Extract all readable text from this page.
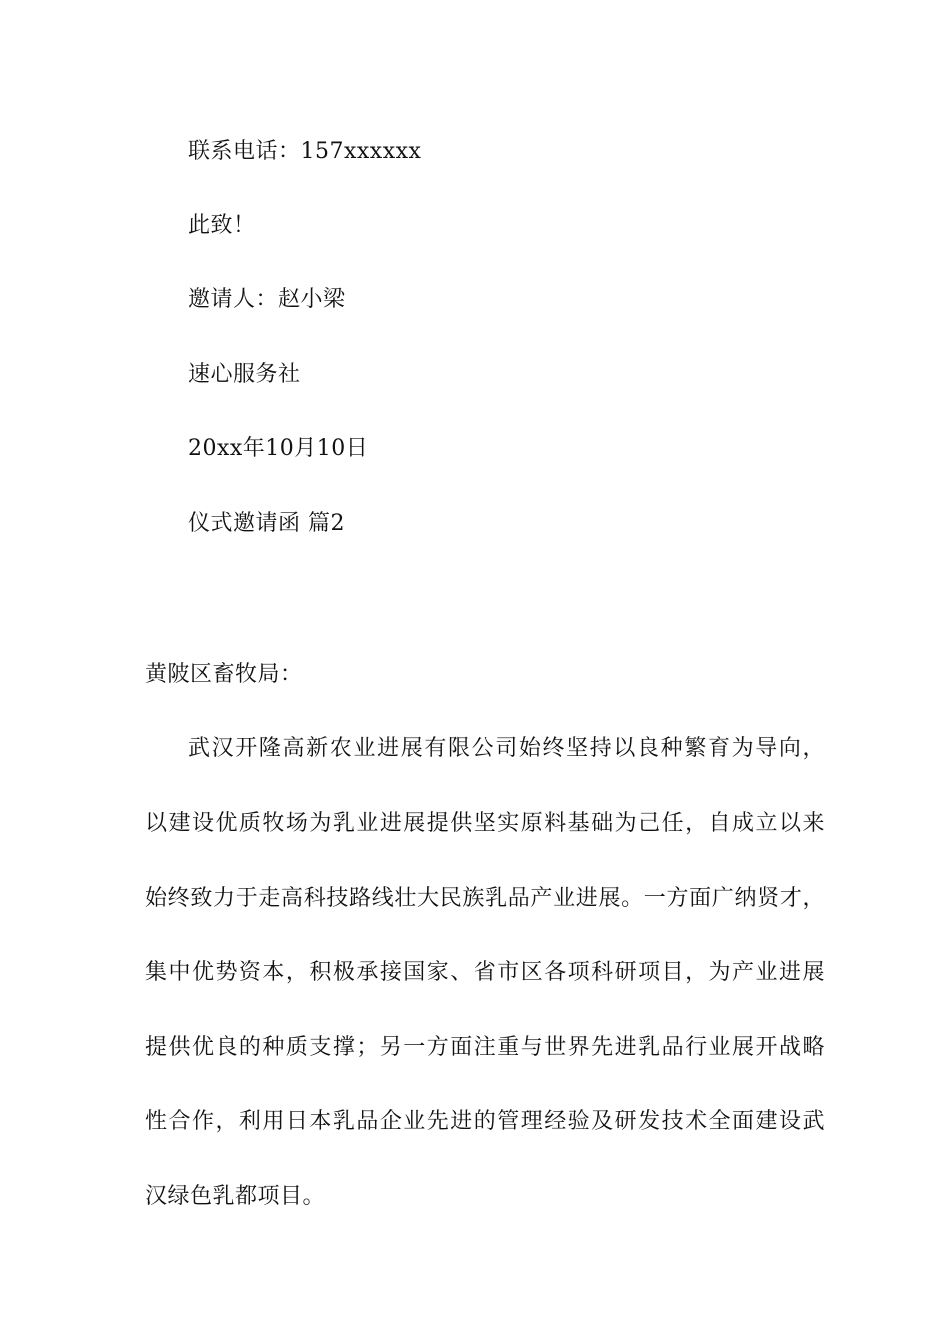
联系电话：157xxxxxx
此致！
邀请人：赵小梁
速心服务社
20xx年10月10日
仪式邀请函 篇2
黄陂区畜牧局：
武汉开隆高新农业进展有限公司始终坚持以良种繁育为导向，
以建设优质牧场为乳业进展提供坚实原料基础为己任，自成立以来
始终致力于走高科技路线壮大民族乳品产业进展。一方面广纳贤才，
集中优势资本，积极承接国家、省市区各项科研项目，为产业进展
提供优良的种质支撑；另一方面注重与世界先进乳品行业展开战略
性合作，利用日本乳品企业先进的管理经验及研发技术全面建设武
汉绿色乳都项目。
